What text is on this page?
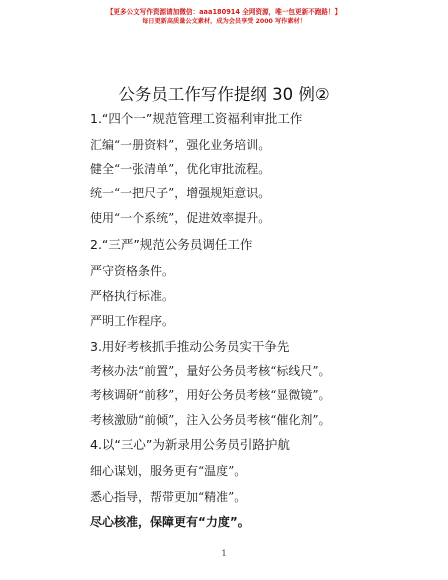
【更多公文写作资源请加微信：aaa180914 全网资源，唯一包更新不跑路！】
每日更新高质量公文素材，成为会员享受 2000 写作素材！
公务员工作写作提纲 30 例②
1.“四个一”规范管理工资福利审批工作
汇编“一册资料”，强化业务培训。
健全“一张清单”，优化审批流程。
统一“一把尺子”，增强规矩意识。
使用“一个系统”，促进效率提升。
2.“三严”规范公务员调任工作
严守资格条件。
严格执行标准。
严明工作程序。
3.用好考核抓手推动公务员实干争先
考核办法“前置”，量好公务员考核“标线尺”。
考核调研“前移”，用好公务员考核“显微镜”。
考核激励“前倾”，注入公务员考核“催化剂”。
4.以“三心”为新录用公务员引路护航
细心谋划，服务更有“温度”。
悉心指导，帮带更加“精准”。
尽心核准，保障更有“力度”。
1
